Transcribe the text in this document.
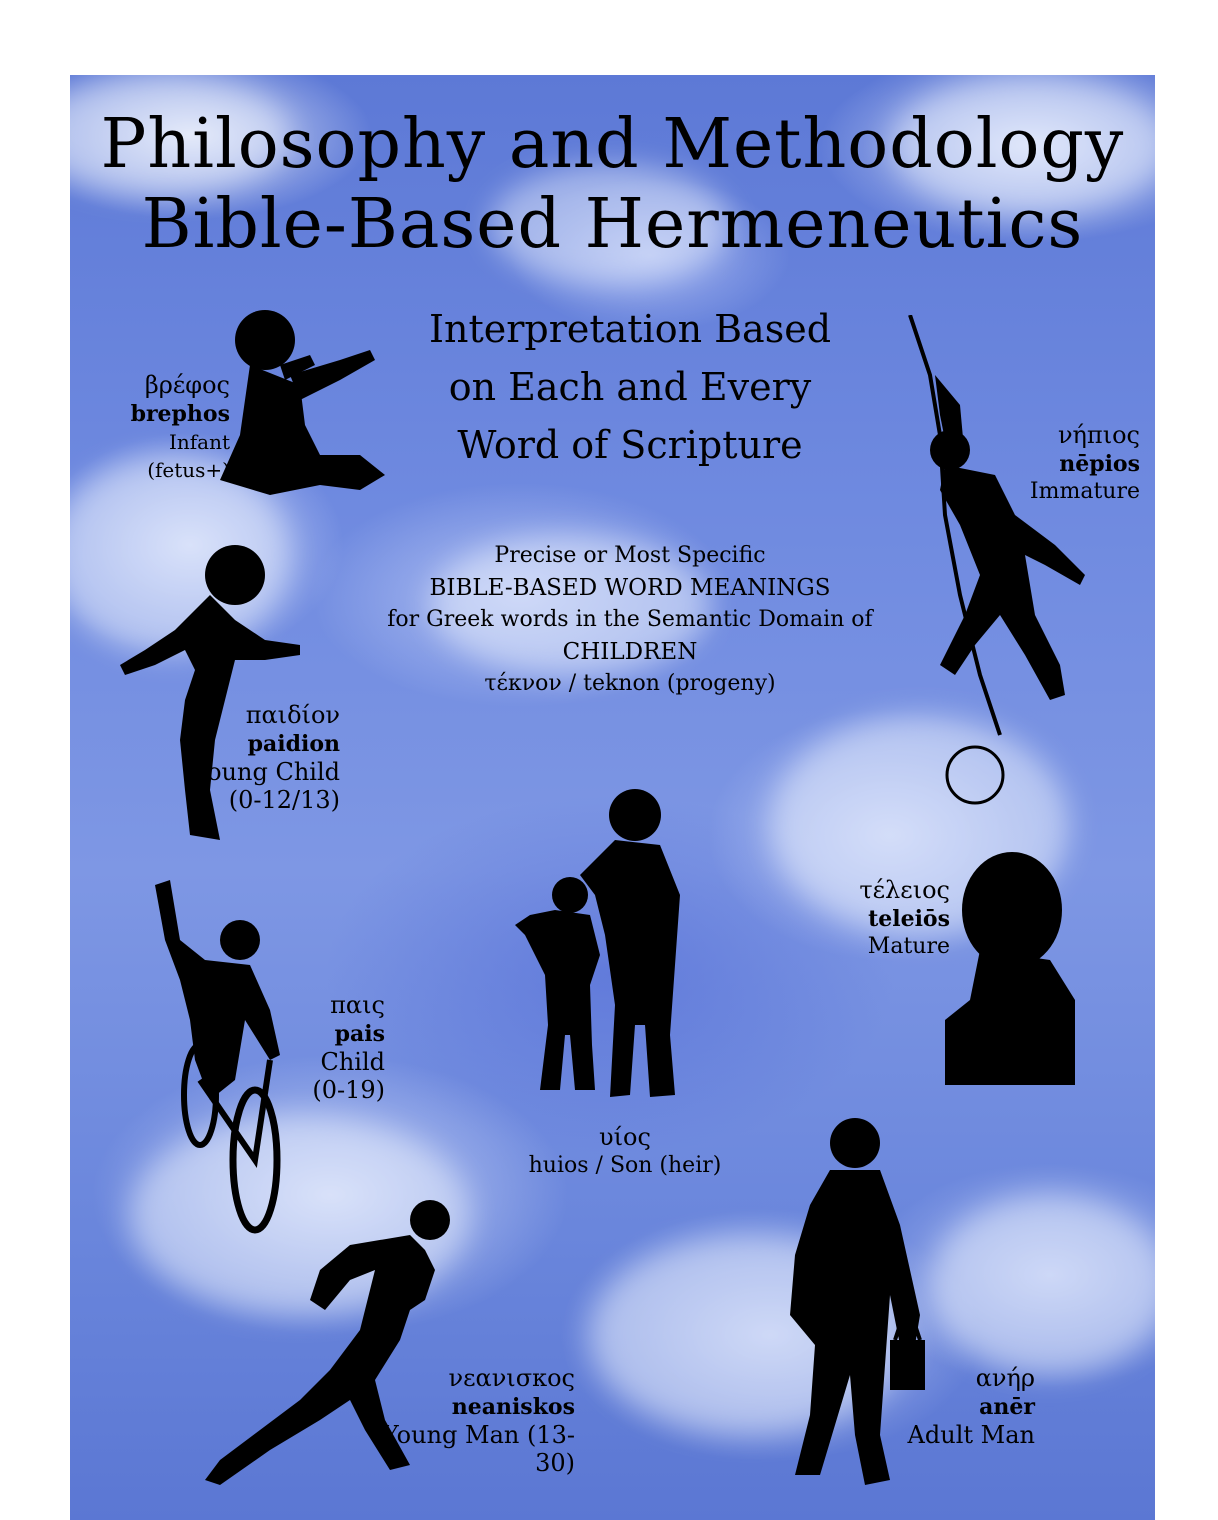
Philosophy and Methodology
Bible-Based Hermeneutics
Interpretation Based
on Each and Every
Word of Scripture
Precise or Most Specific
BIBLE-BASED WORD MEANINGS
for Greek words in the Semantic Domain of
CHILDREN
τέκνον / teknon (progeny)
βρέφος
brephos
Infant (fetus+)
νήπιος
nēpios
Immature
παιδίον
paidion
Young Child
(0-12/13)
τέλειος
teleiōs
Mature
παις
pais
Child
(0-19)
υίος
huios / Son (heir)
νεανισκος
neaniskos
Young Man (13-30)
ανήρ
anēr
Adult Man
